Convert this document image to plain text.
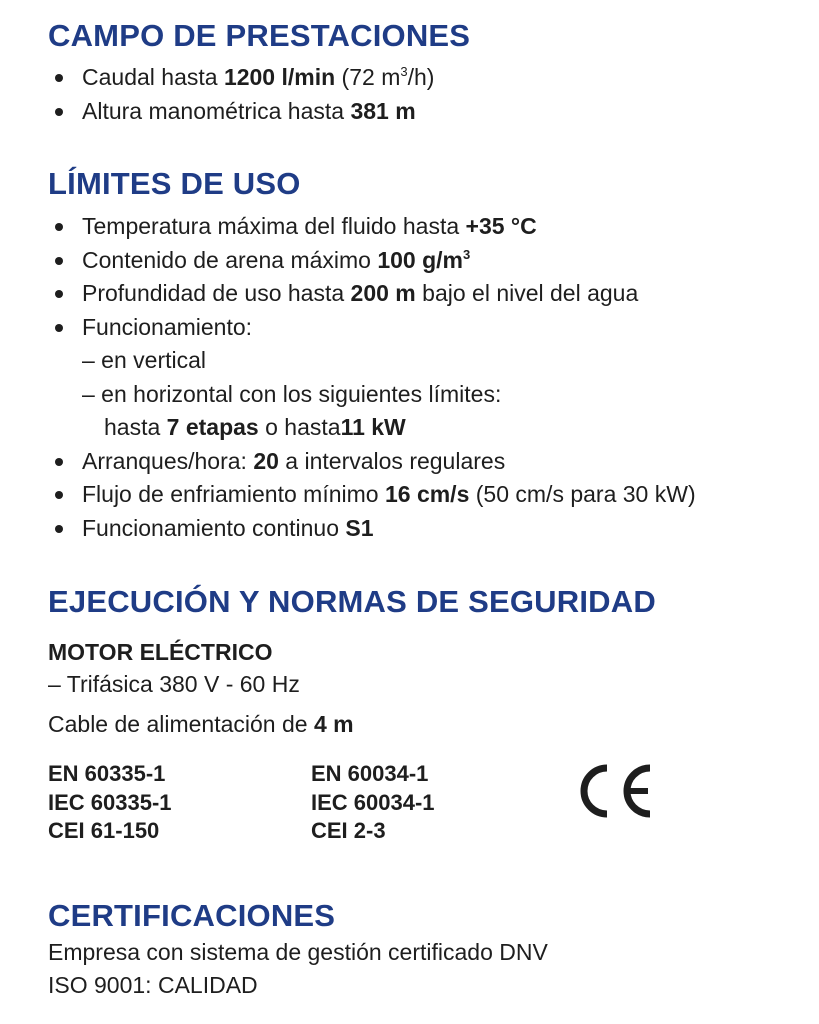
CAMPO DE PRESTACIONES
Caudal hasta 1200 l/min (72 $m^3/h$)
Altura manométrica hasta 381 m
LÍMITES DE USO
Temperatura máxima del fluido hasta +35 °C
Contenido de arena máximo 100 $g/m^3$
Profundidad de uso hasta 200 m bajo el nivel del agua
Funcionamiento:
– en vertical
– en horizontal con los siguientes límites:
hasta 7 etapas o hasta11 kW
Arranques/hora: 20 a intervalos regulares
Flujo de enfriamiento mínimo 16 cm/s (50 cm/s para 30 kW)
Funcionamiento continuo S1
EJECUCIÓN Y NORMAS DE SEGURIDAD
MOTOR ELÉCTRICO
– Trifásica 380 V - 60 Hz
Cable de alimentación de 4 m
EN 60335-1
IEC 60335-1
CEI 61-150
EN 60034-1
IEC 60034-1
CEI 2-3
CERTIFICACIONES
Empresa con sistema de gestión certificado DNV
ISO 9001: CALIDAD
